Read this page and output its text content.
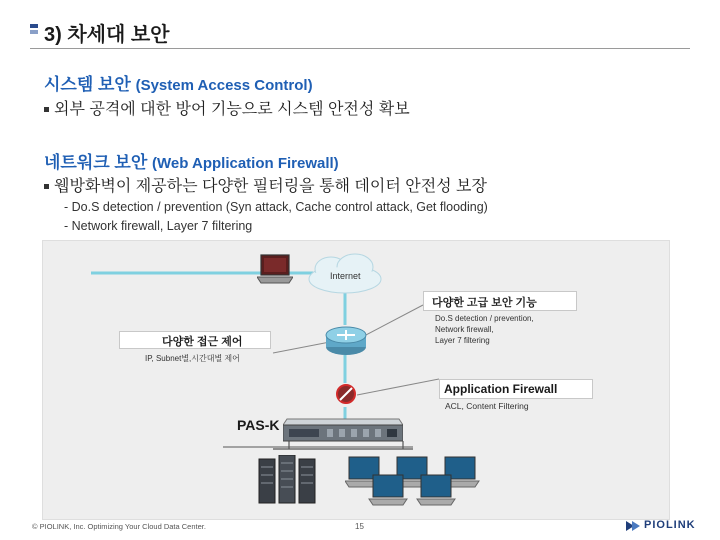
3) 차세대 보안
시스템 보안 (System Access Control)
외부 공격에 대한 방어 기능으로 시스템 안전성 확보
네트워크 보안 (Web Application Firewall)
웹방화벽이 제공하는 다양한 필터링을 통해 데이터 안전성 보장
- Do.S detection / prevention (Syn attack, Cache control attack, Get flooding)
- Network firewall, Layer 7 filtering
Internet
PAS-K
다양한 고급 보안 기능
Do.S detection / prevention,
Network firewall,
Layer 7 filtering
다양한 접근 제어
IP, Subnet별,시간대별 제어
Application Firewall
ACL, Content Filtering
© PIOLINK, Inc. Optimizing Your Cloud Data Center.	15	PIOLINK
